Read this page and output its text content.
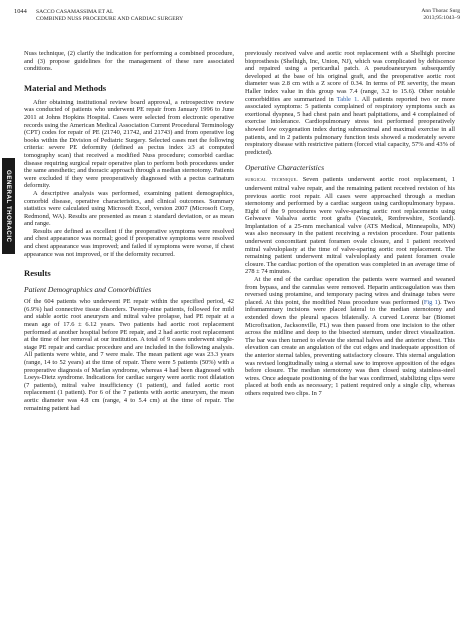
1044 SACCO CASAMASSIMA ET AL
COMBINED NUSS PROCEDURE AND CARDIAC SURGERY
Ann Thorac Surg
2013;95:1043–9
GENERAL THORACIC

Nuss technique, (2) clarify the indication for performing a combined procedure, and (3) propose guidelines for the management of these rare associated conditions.

Material and Methods

After obtaining institutional review board approval, a retrospective review was conducted of patients who underwent PE repair from January 1996 to June 2011 at Johns Hopkins Hospital. Cases were selected from electronic operative records using the American Medical Association Current Procedural Terminology (CPT) codes for repair of PE (21740, 21742, and 21743) and from operative log books within the Division of Pediatric Surgery. Selected cases met the following criteria: severe PE deformity (defined as pectus index ≥3 at computed tomography scan) that received a modified Nuss procedure; comorbid cardiac disease requiring surgical repair operative plan to perform both procedures under the same anesthetic; and thoracic approach through a median sternotomy. Patients were excluded if they were preoperatively diagnosed with a pectus carinatum deformity.

A descriptive analysis was performed, examining patient demographics, comorbid disease, operative characteristics, and clinical outcomes. Summary statistics were calculated using Microsoft Excel, version 2007 (Microsoft Corp, Redmond, WA). Results are presented as mean ± standard deviation, or as mean and range.

Results are defined as excellent if the preoperative symptoms were resolved and chest appearance was normal; good if preoperative symptoms were resolved and chest appearance was improved; and failed if symptoms were worse, if chest appearance was not improved, or if the deformity recurred.

Results
Patient Demographics and Comorbidities

Of the 604 patients who underwent PE repair within the specified period, 42 (6.9%) had connective tissue disorders. Twenty-nine patients, followed for mild and stable aortic root aneurysm and mitral valve prolapse, had PE repair at a mean age of 17.6 ± 6.12 years. Two patients had aortic root replacement performed at another hospital before PE repair, and 2 had aortic root replacement at the time of her removal at our institution. A total of 9 cases underwent single-stage PE repair and cardiac procedure and are included in the following analysis. All patients were white, and 7 were male. The mean patient age was 23.3 years (range, 14 to 52 years) at the time of repair. There were 5 patients (50%) with a preoperative diagnosis of Marfan syndrome, whereas 4 had been diagnosed with Loeys-Dietz syndrome. Indications for cardiac surgery were aortic root dilatation (7 patients), mitral valve insufficiency (1 patient), and failed aortic root replacement (1 patient). For 6 of the 7 patients with aortic aneurysm, the mean aortic diameter was 4.8 cm (range, 4 to 5.4 cm) at the time of repair. The remaining patient had

previously received valve and aortic root replacement with a Shelhigh porcine bioprosthesis (Shelhigh, Inc, Union, NJ), which was complicated by dehiscence and repaired using a pericardial patch. A pseudoaneurysm subsequently developed at the base of his original graft, and the preoperative aortic root diameter was 2.8 cm with a Z score of 0.34. In terms of PE severity, the mean Haller index value in this group was 7.4 (range, 3.2 to 15.6). Other notable comorbidities are summarized in Table 1. All patients reported two or more associated symptoms: 5 patients complained of respiratory symptoms such as exertional dyspnea, 5 had chest pain and heart palpitations, and 4 complained of exercise intolerance. Cardiopulmonary stress test performed preoperatively showed low oxygenation index during submaximal and maximal exercise in all patients, and in 2 patients pulmonary function tests showed a moderately severe respiratory disease with restrictive pattern (forced vital capacity, 57% and 43% of predicted).

Operative Characteristics

surgical technique. Seven patients underwent aortic root replacement, 1 underwent mitral valve repair, and the remaining patient received revision of his previous aortic root repair. All cases were approached through a median sternotomy and performed by a cardiac surgeon using cardiopulmonary bypass. Eight of the 9 procedures were valve-sparing aortic root replacements using Gelweave Valsalva aortic root grafts (Vascutek, Renfrewshire, Scotland). Implantation of a 25-mm mechanical valve (ATS Medical, Minneapolis, MN) was also necessary in the patient receiving a revision procedure. Four patients underwent concomitant patent foramen ovale closure, and 1 patient received mitral valvuloplasty at the time of valve-sparing aortic root replacement. The remaining patient underwent mitral valvuloplasty and patent foramen ovale closure. The cardiac portion of the operation was completed in an average time of 278 ± 74 minutes.

At the end of the cardiac operation the patients were warmed and weaned from bypass, and the cannulas were removed. Heparin anticoagulation was then reversed using protamine, and temporary pacing wires and drainage tubes were placed. At this point, the modified Nuss procedure was performed (Fig 1). Two inframammary incisions were placed lateral to the median sternotomy and extended down the pleural spaces bilaterally. A curved Lorenz bar (Biomet Microfixation, Jacksonville, FL) was then passed from one incision to the other across the midline and deep to the bisected sternum, under direct visualization. The bar was then turned to elevate the sternal halves and the anterior chest. This elevation can create an angulation of the cut edges and inadequate apposition of the anterior sternal tables, preventing satisfactory closure. This sternal angulation was revised longitudinally using a sternal saw to improve apposition of the edges before closure. The median sternotomy was then closed using stainless-steel wires. Once adequate positioning of the bar was confirmed, stabilizing clips were placed at both ends as necessary; 1 patient required only a single clip, whereas others required two clips. In 7
